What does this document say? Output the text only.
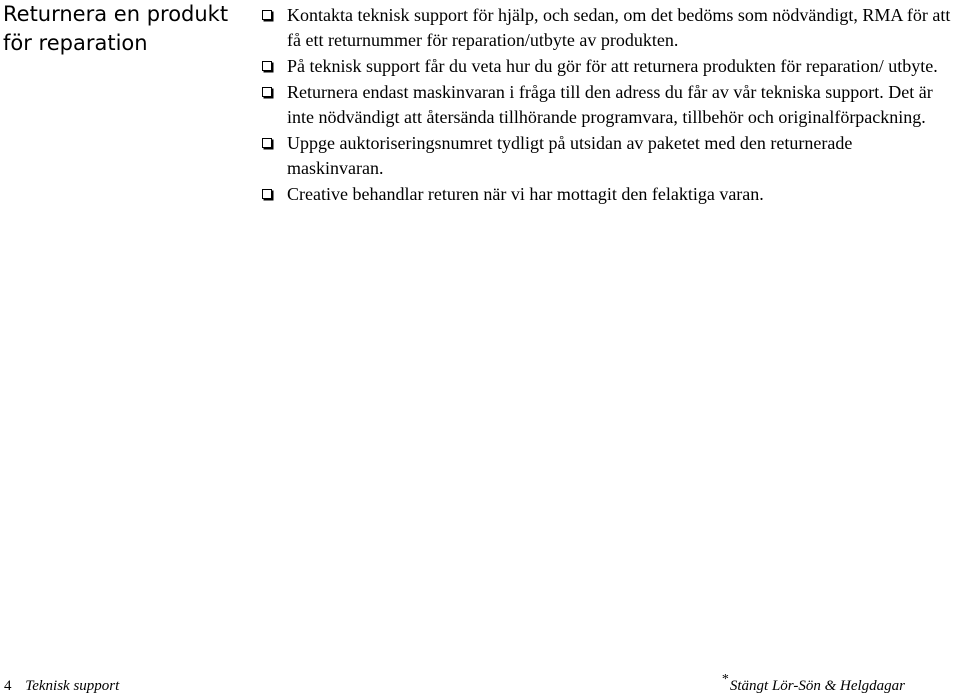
Returnera en produkt för reparation
Kontakta teknisk support för hjälp, och sedan, om det bedöms som nödvändigt, RMA för att få ett returnummer för reparation/utbyte av produkten.
På teknisk support får du veta hur du gör för att returnera produkten för reparation/ utbyte.
Returnera endast maskinvaran i fråga till den adress du får av vår tekniska support. Det är inte nödvändigt att återsända tillhörande programvara, tillbehör och originalförpackning.
Uppge auktoriseringsnumret tydligt på utsidan av paketet med den returnerade maskinvaran.
Creative behandlar returen när vi har mottagit den felaktiga varan.
4 Teknisk support	*Stängt Lör-Sön & Helgdagar
